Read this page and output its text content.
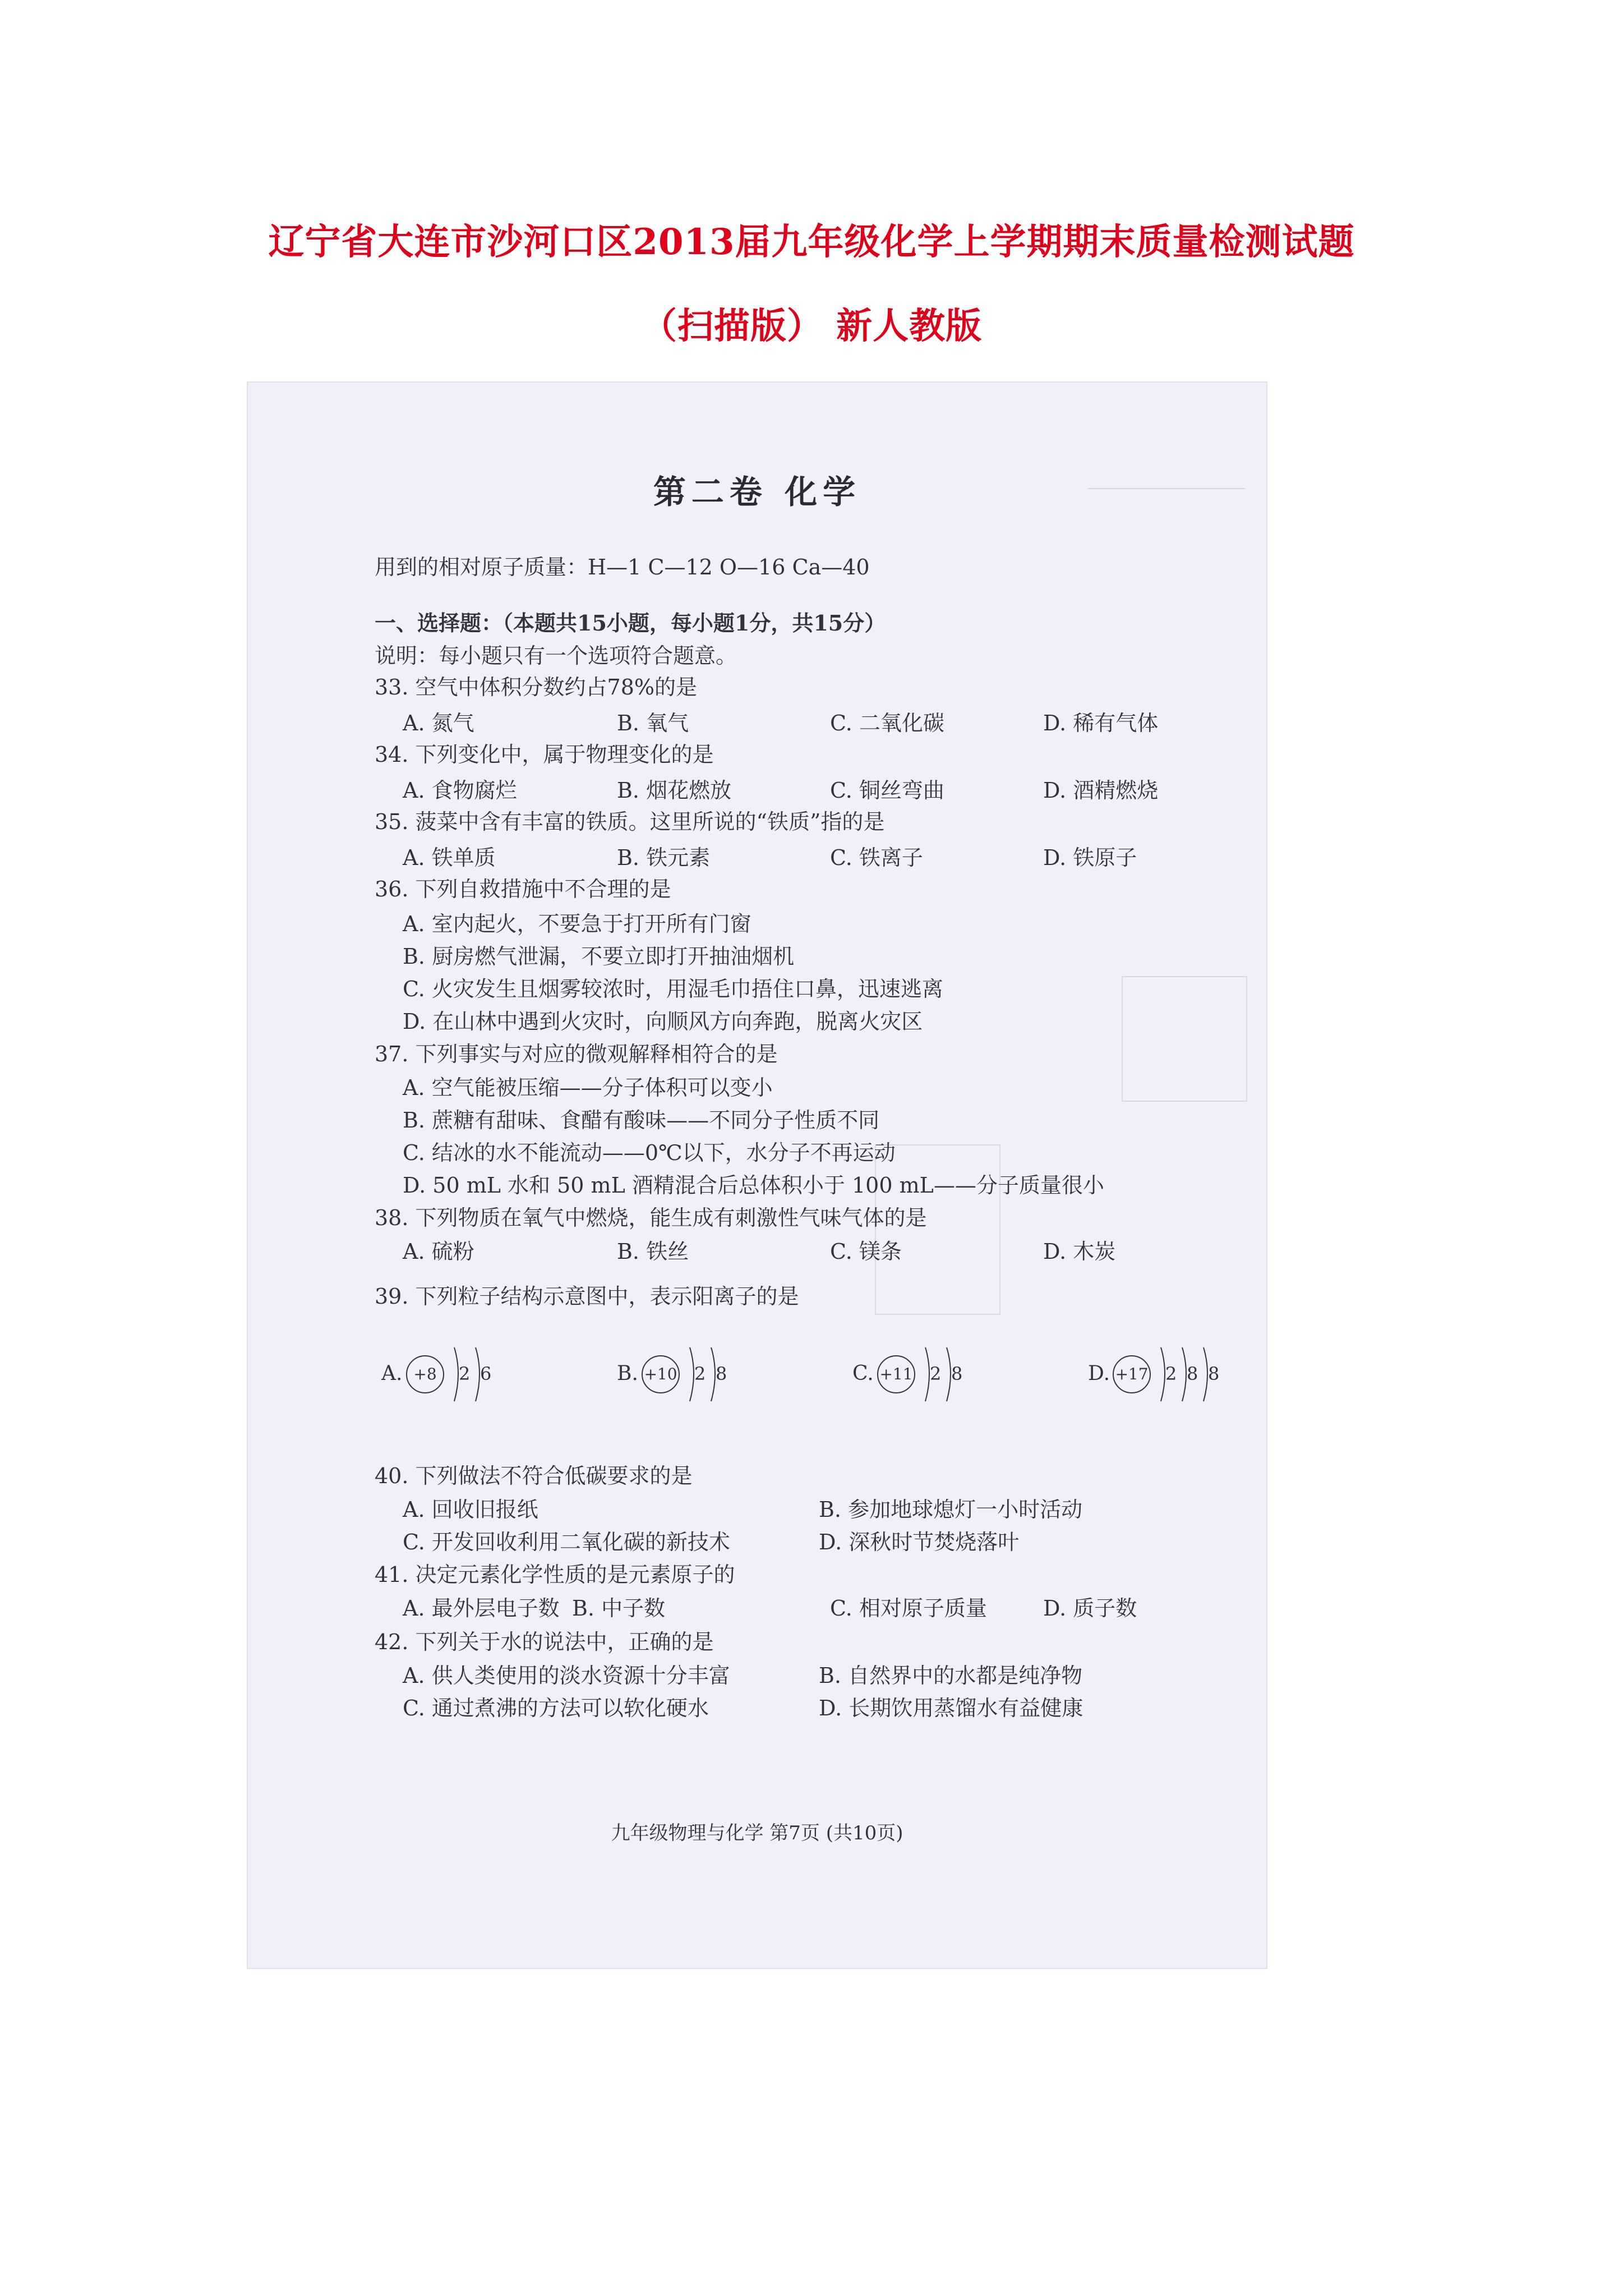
辽宁省大连市沙河口区2013届九年级化学上学期期末质量检测试题
（扫描版） 新人教版
第二卷 化学
用到的相对原子质量：H—1 C—12 O—16 Ca—40
一、选择题：（本题共15小题，每小题1分，共15分）
说明：每小题只有一个选项符合题意。
33. 空气中体积分数约占78%的是
A. 氮气	B. 氧气	C. 二氧化碳	D. 稀有气体
34. 下列变化中，属于物理变化的是
A. 食物腐烂	B. 烟花燃放	C. 铜丝弯曲	D. 酒精燃烧
35. 菠菜中含有丰富的铁质。这里所说的“铁质”指的是
A. 铁单质	B. 铁元素	C. 铁离子	D. 铁原子
36. 下列自救措施中不合理的是
A. 室内起火，不要急于打开所有门窗
B. 厨房燃气泄漏，不要立即打开抽油烟机
C. 火灾发生且烟雾较浓时，用湿毛巾捂住口鼻，迅速逃离
D. 在山林中遇到火灾时，向顺风方向奔跑，脱离火灾区
37. 下列事实与对应的微观解释相符合的是
A. 空气能被压缩——分子体积可以变小
B. 蔗糖有甜味、食醋有酸味——不同分子性质不同
C. 结冰的水不能流动——0℃以下，水分子不再运动
D. 50 mL 水和 50 mL 酒精混合后总体积小于 100 mL——分子质量很小
38. 下列物质在氧气中燃烧，能生成有刺激性气味气体的是
A. 硫粉	B. 铁丝	C. 镁条	D. 木炭
39. 下列粒子结构示意图中，表示阳离子的是
A. +8	2 6	B. +10 2 8	C. +11 2 8	D. +17 2 8 8
40. 下列做法不符合低碳要求的是
A. 回收旧报纸	B. 参加地球熄灯一小时活动
C. 开发回收利用二氧化碳的新技术	D. 深秋时节焚烧落叶
41. 决定元素化学性质的是元素原子的
A. 最外层电子数 B. 中子数	C. 相对原子质量	D. 质子数
42. 下列关于水的说法中，正确的是
A. 供人类使用的淡水资源十分丰富	B. 自然界中的水都是纯净物
C. 通过煮沸的方法可以软化硬水	D. 长期饮用蒸馏水有益健康
九年级物理与化学 第7页 (共10页)
